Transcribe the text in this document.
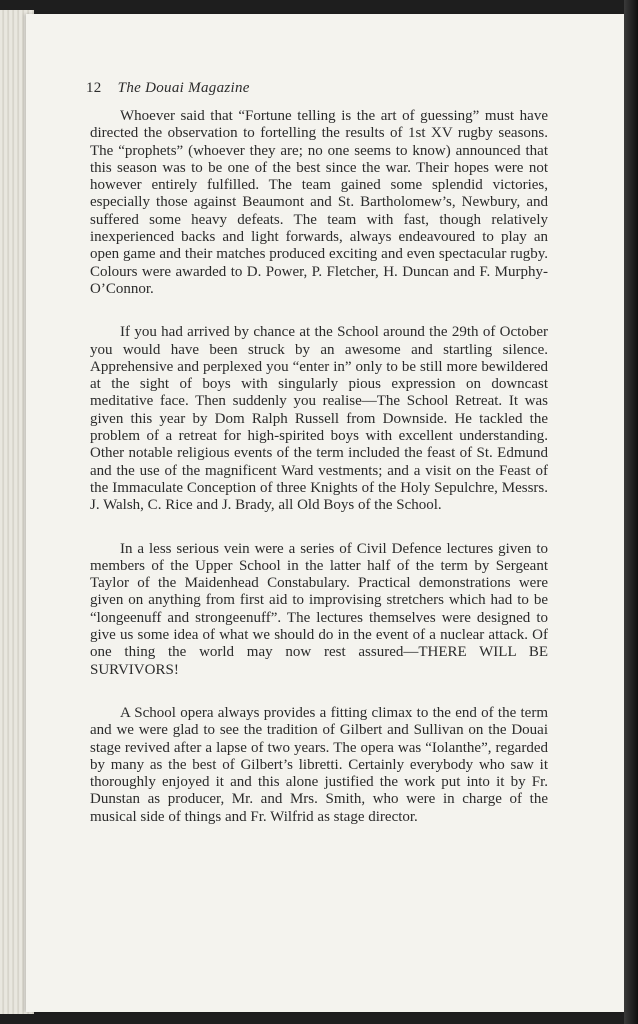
12 The Douai Magazine

Whoever said that “Fortune telling is the art of guessing” must have directed the observation to fortelling the results of 1st XV rugby seasons. The “prophets” (whoever they are; no one seems to know) announced that this season was to be one of the best since the war. Their hopes were not however entirely fulfilled. The team gained some splendid victories, especially those against Beaumont and St. Bartholomew’s, Newbury, and suffered some heavy defeats. The team with fast, though relatively inexperienced backs and light forwards, always endeavoured to play an open game and their matches produced exciting and even spectacular rugby. Colours were awarded to D. Power, P. Fletcher, H. Duncan and F. Murphy-O’Connor.

If you had arrived by chance at the School around the 29th of October you would have been struck by an awesome and startling silence. Apprehensive and perplexed you “enter in” only to be still more bewildered at the sight of boys with singularly pious expression on downcast meditative face. Then suddenly you realise—The School Retreat. It was given this year by Dom Ralph Russell from Downside. He tackled the problem of a retreat for high-spirited boys with excellent understanding. Other notable religious events of the term included the feast of St. Edmund and the use of the magnificent Ward vestments; and a visit on the Feast of the Immaculate Conception of three Knights of the Holy Sepulchre, Messrs. J. Walsh, C. Rice and J. Brady, all Old Boys of the School.

In a less serious vein were a series of Civil Defence lectures given to members of the Upper School in the latter half of the term by Sergeant Taylor of the Maidenhead Constabulary. Practical demonstrations were given on anything from first aid to improvising stretchers which had to be “longeenuff and strongeenuff”. The lectures themselves were designed to give us some idea of what we should do in the event of a nuclear attack. Of one thing the world may now rest assured—THERE WILL BE SURVIVORS!

A School opera always provides a fitting climax to the end of the term and we were glad to see the tradition of Gilbert and Sullivan on the Douai stage revived after a lapse of two years. The opera was “Iolanthe”, regarded by many as the best of Gilbert’s libretti. Certainly everybody who saw it thoroughly enjoyed it and this alone justified the work put into it by Fr. Dunstan as producer, Mr. and Mrs. Smith, who were in charge of the musical side of things and Fr. Wilfrid as stage director.
